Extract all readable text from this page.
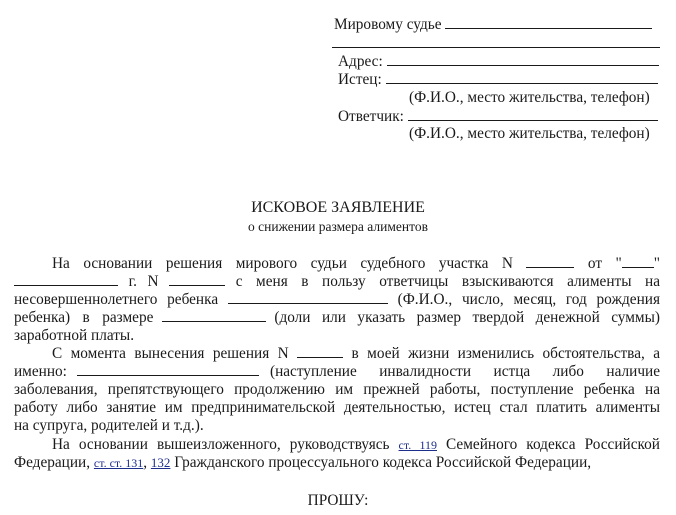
Мировому судье
Адрес:
Истец:
(Ф.И.О., место жительства, телефон)
Ответчик:
(Ф.И.О., место жительства, телефон)
ИСКОВОЕ ЗАЯВЛЕНИЕ
о снижении размера алиментов
На основании решения мирового судьи судебного участка N	от " "
г. N	с меня в пользу ответчицы взыскиваются алименты на
несовершеннолетнего ребенка	(Ф.И.О., число, месяц, год рождения
ребенка) в размере	(доли или указать размер твердой денежной суммы)
заработной платы.
С момента вынесения решения N	в моей жизни изменились обстоятельства, а
именно:	(наступление инвалидности истца либо наличие
заболевания, препятствующего продолжению им прежней работы, поступление ребенка на
работу либо занятие им предпринимательской деятельностью, истец стал платить алименты
на супруга, родителей и т.д.).
На основании вышеизложенного, руководствуясь ст. 119 Семейного кодекса Российской
Федерации, ст. ст. 131, 132 Гражданского процессуального кодекса Российской Федерации,
ПРОШУ:
